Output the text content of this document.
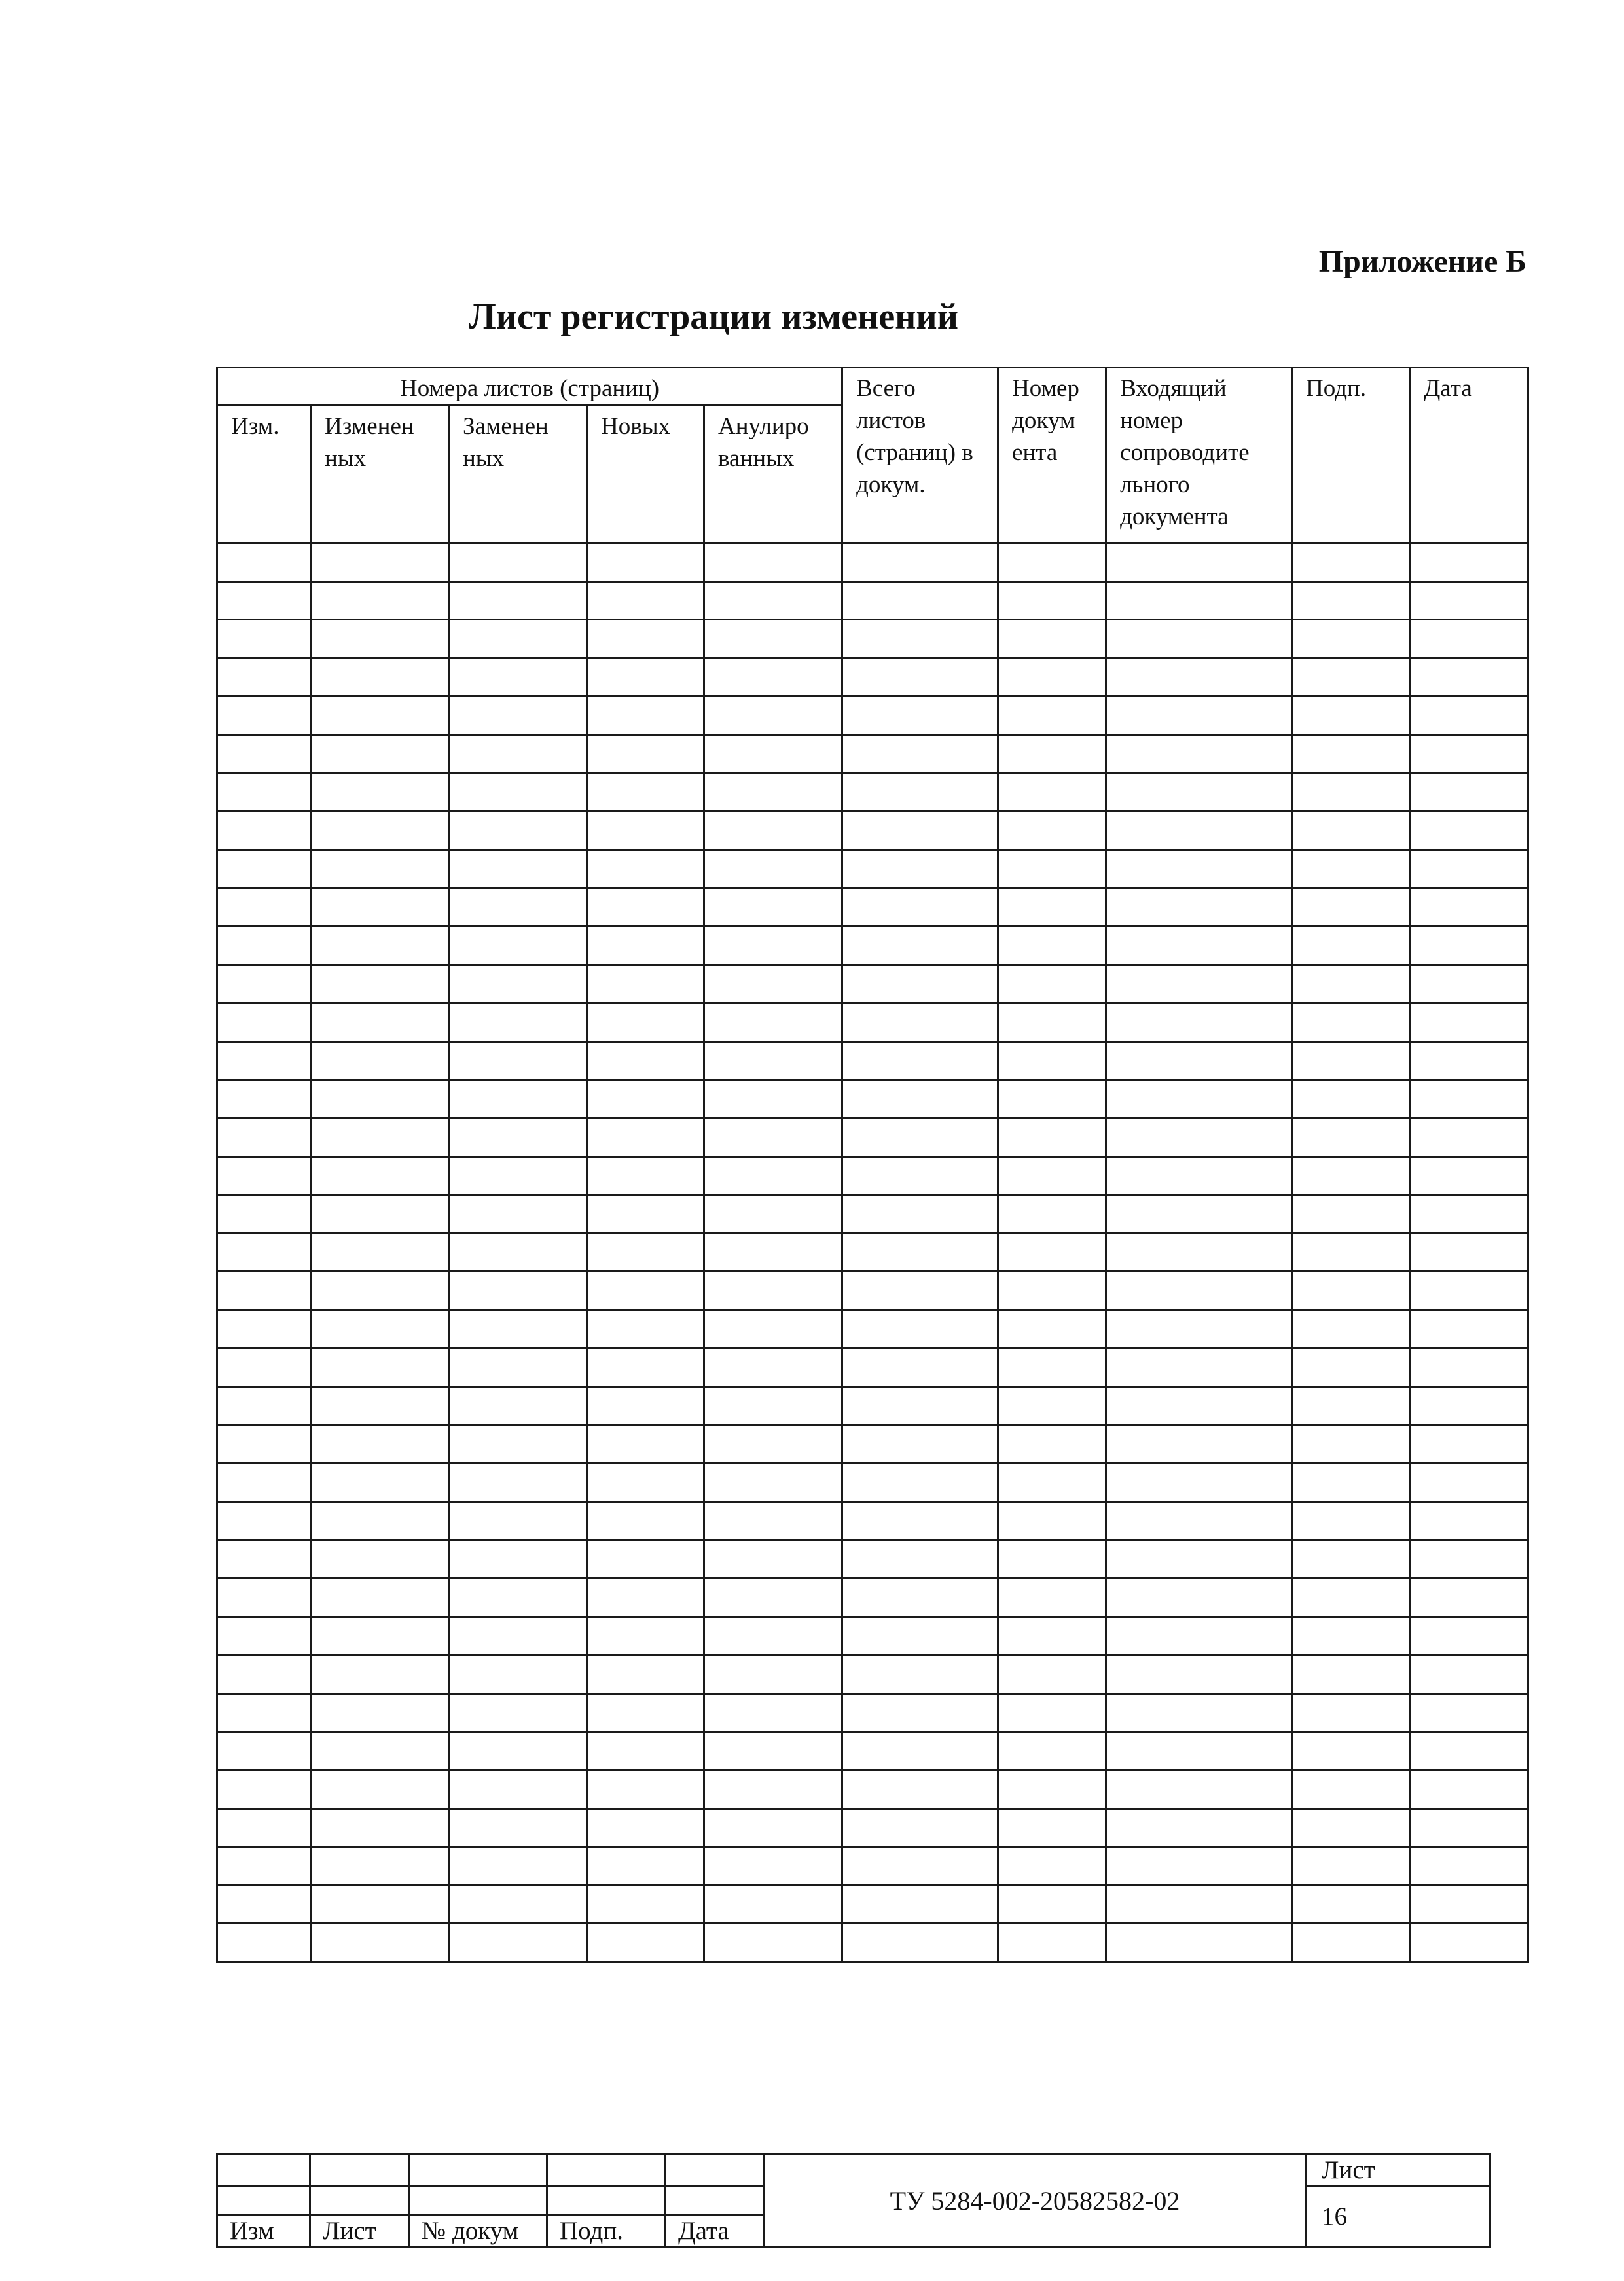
Приложение Б
Лист регистрации изменений
Номера листов (страниц)					Всего листов (страниц) в докум.	Номер докум ента	Входящий номер сопроводите льного документа	Подп.	Дата
Изм.	Изменен ных	Заменен ных	Новых	Анулиро ванных					

					ТУ 5284-002-20582582-02	Лист
						16
Изм	Лист	№ докум	Подп.	Дата		
